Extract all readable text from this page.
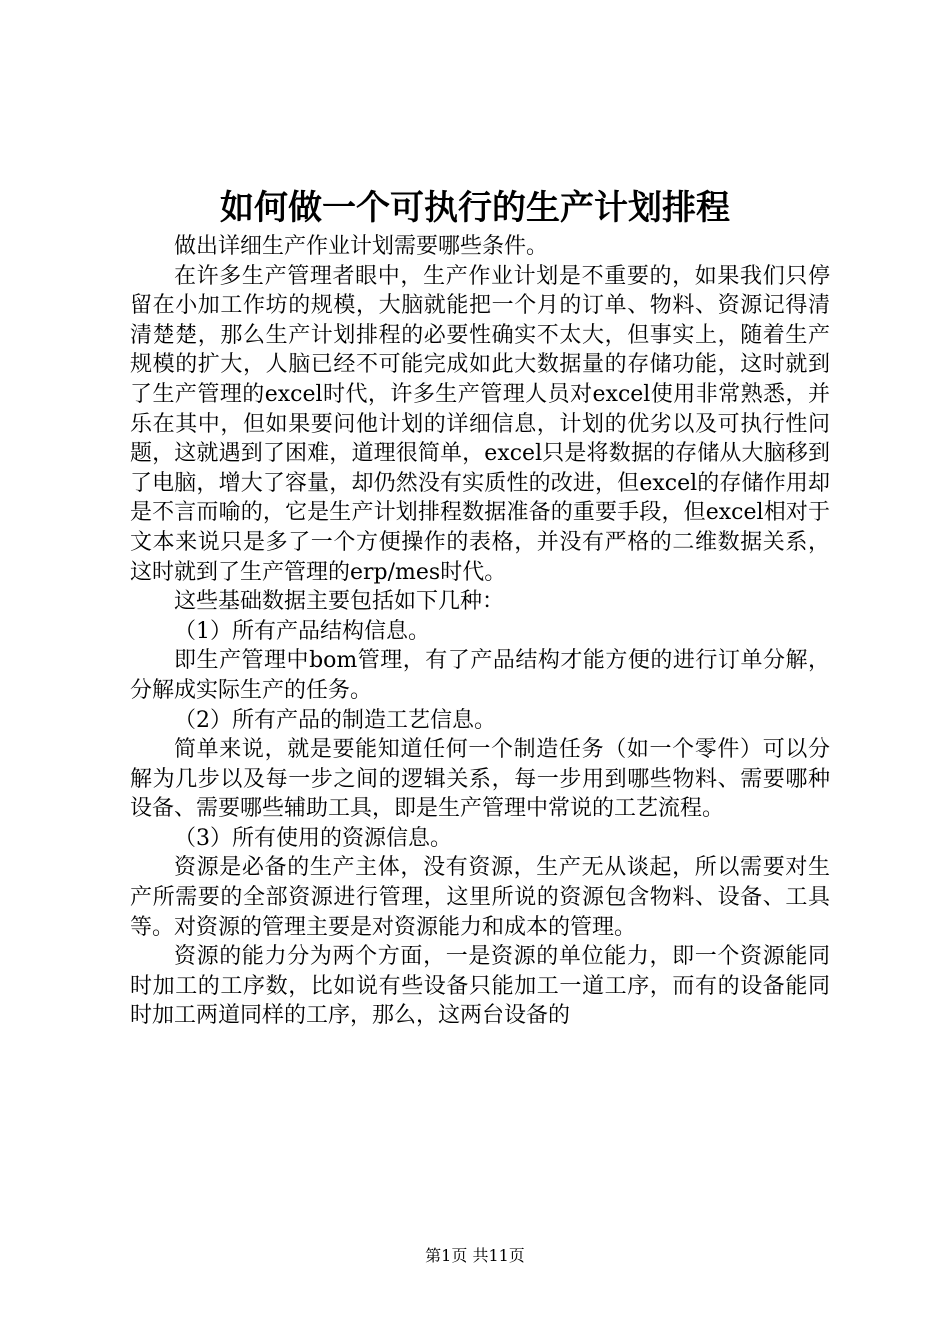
如何做一个可执行的生产计划排程

做出详细生产作业计划需要哪些条件。

在许多生产管理者眼中，生产作业计划是不重要的，如果我们只停留在小加工作坊的规模，大脑就能把一个月的订单、物料、资源记得清清楚楚，那么生产计划排程的必要性确实不太大，但事实上，随着生产规模的扩大，人脑已经不可能完成如此大数据量的存储功能，这时就到了生产管理的excel时代，许多生产管理人员对excel使用非常熟悉，并乐在其中，但如果要问他计划的详细信息，计划的优劣以及可执行性问题，这就遇到了困难，道理很简单，excel只是将数据的存储从大脑移到了电脑，增大了容量，却仍然没有实质性的改进，但excel的存储作用却是不言而喻的，它是生产计划排程数据准备的重要手段，但excel相对于文本来说只是多了一个方便操作的表格，并没有严格的二维数据关系，这时就到了生产管理的erp/mes时代。

这些基础数据主要包括如下几种：

（1）所有产品结构信息。

即生产管理中bom管理，有了产品结构才能方便的进行订单分解，分解成实际生产的任务。

（2）所有产品的制造工艺信息。

简单来说，就是要能知道任何一个制造任务（如一个零件）可以分解为几步以及每一步之间的逻辑关系，每一步用到哪些物料、需要哪种设备、需要哪些辅助工具，即是生产管理中常说的工艺流程。

（3）所有使用的资源信息。

资源是必备的生产主体，没有资源，生产无从谈起，所以需要对生产所需要的全部资源进行管理，这里所说的资源包含物料、设备、工具等。对资源的管理主要是对资源能力和成本的管理。

资源的能力分为两个方面，一是资源的单位能力，即一个资源能同时加工的工序数，比如说有些设备只能加工一道工序，而有的设备能同时加工两道同样的工序，那么，这两台设备的

第1页 共11页
